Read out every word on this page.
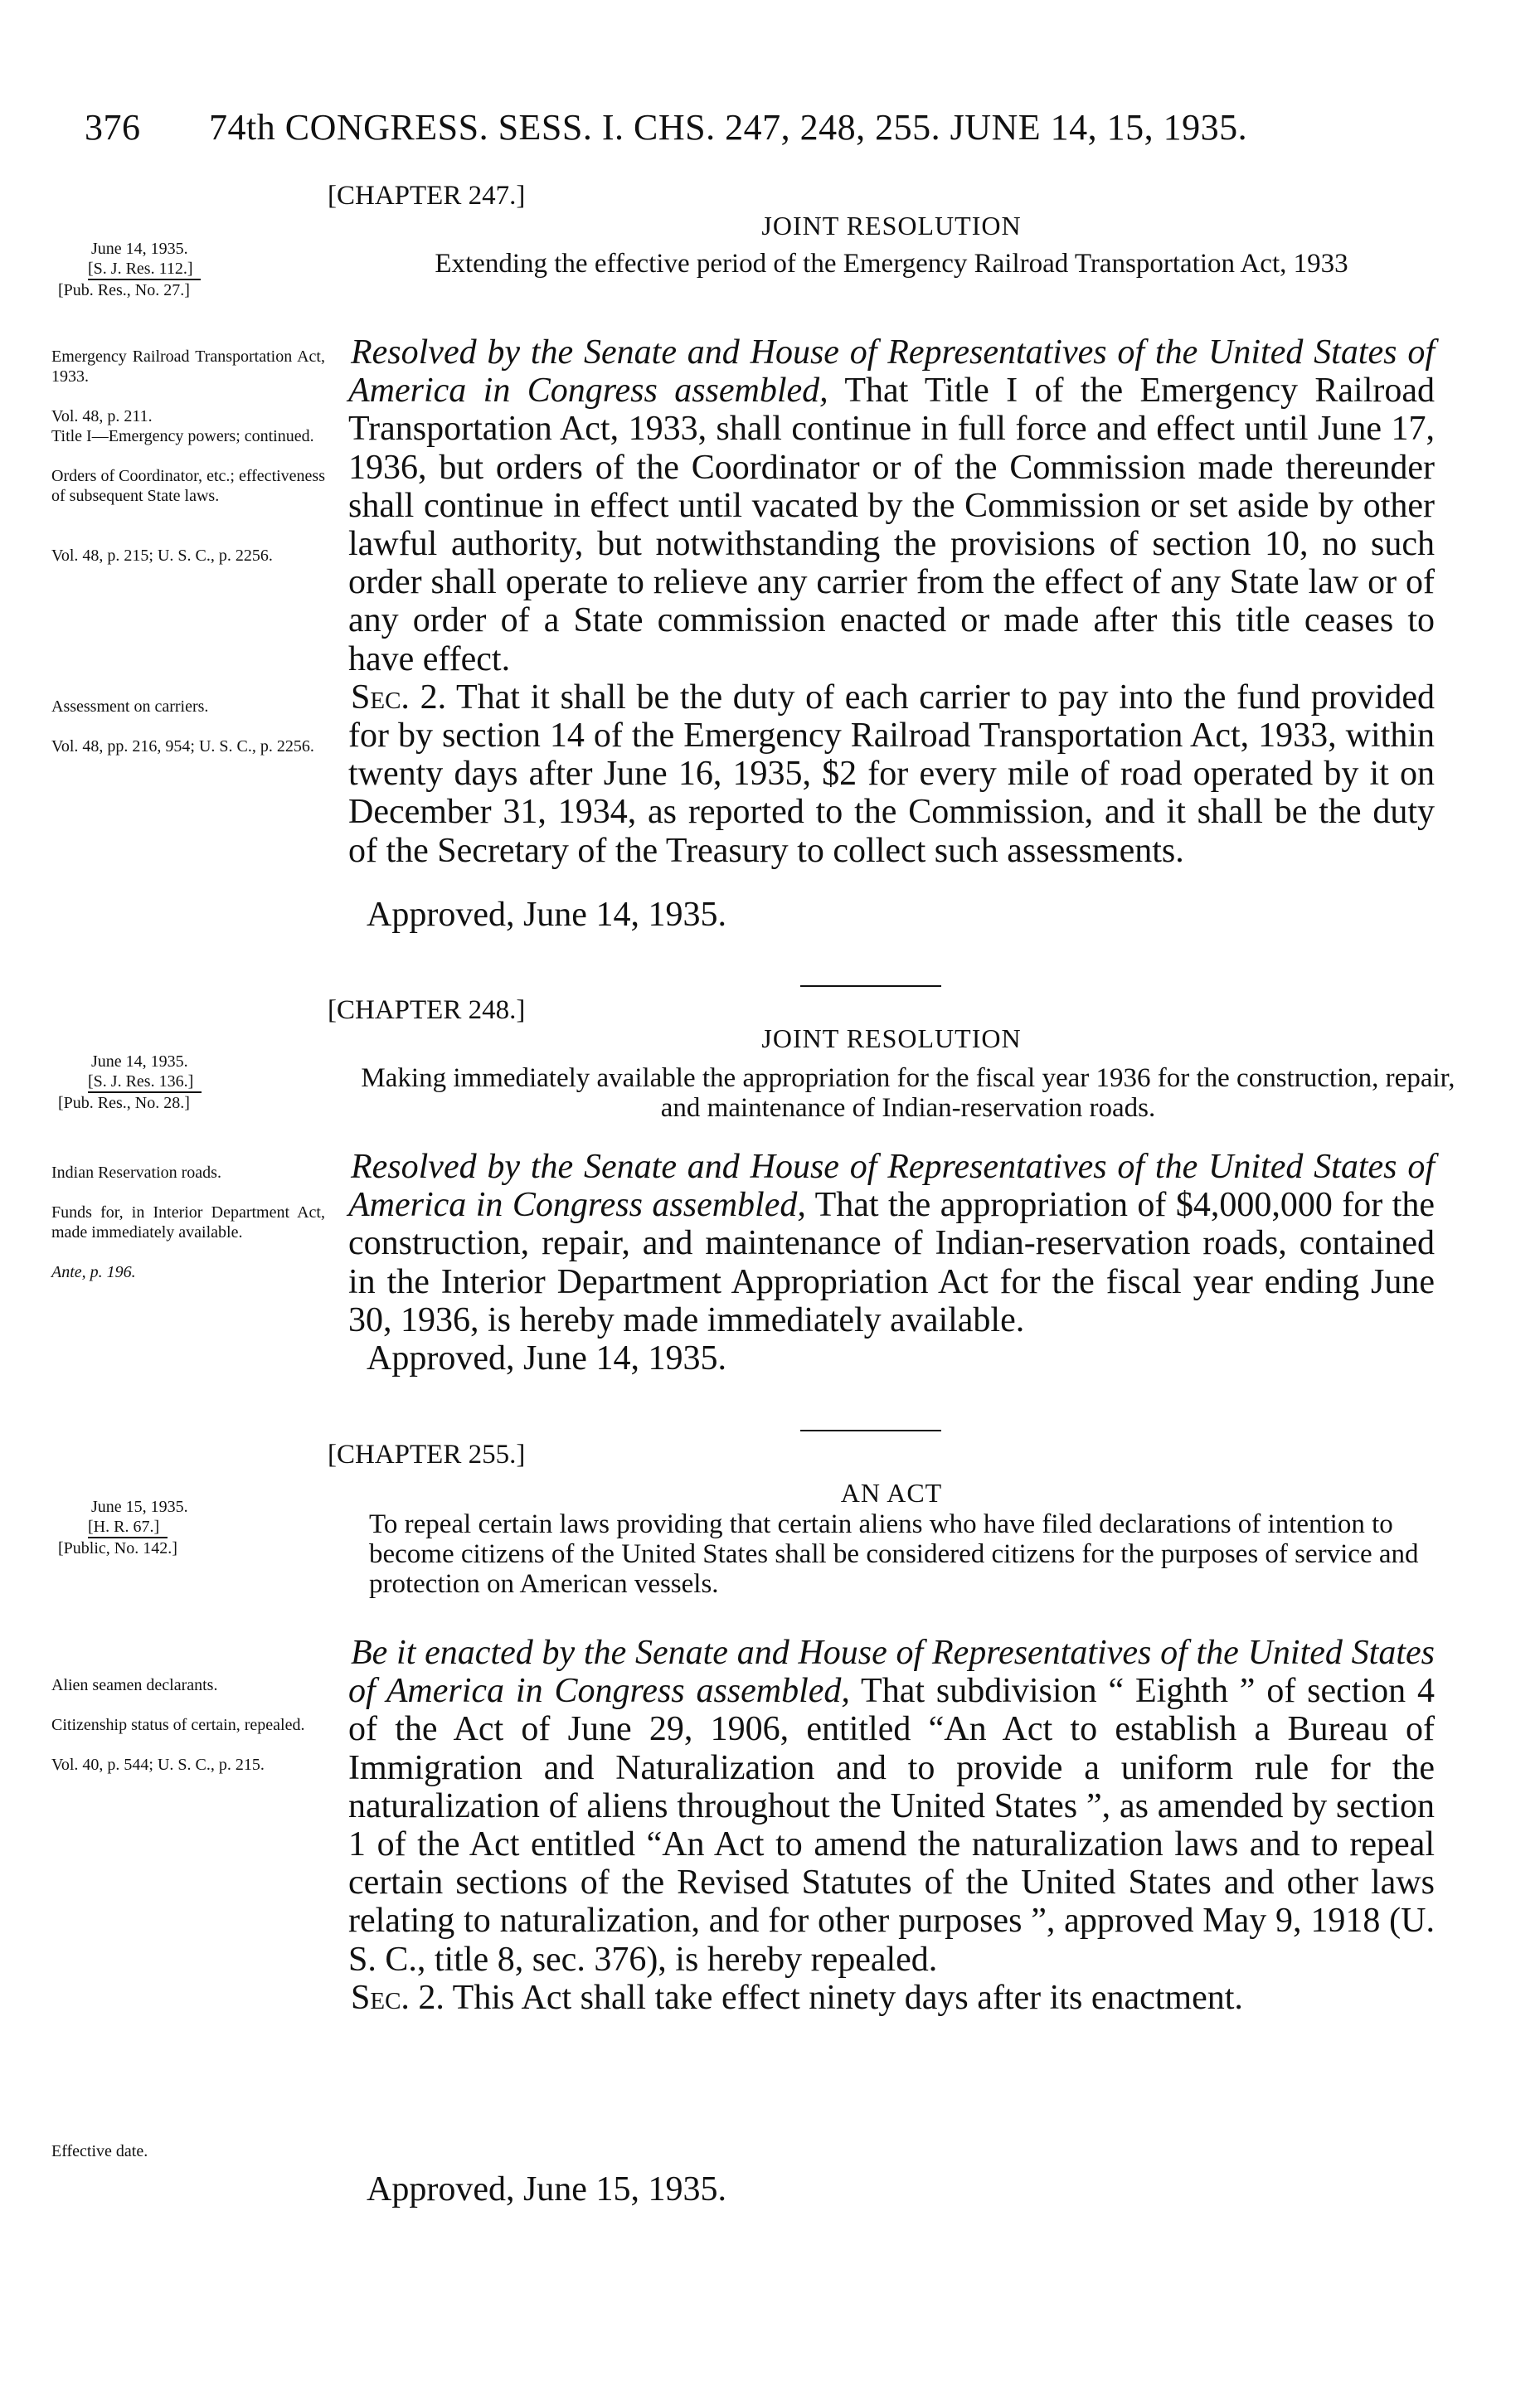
376 74th CONGRESS. SESS. I. CHS. 247, 248, 255. JUNE 14, 15, 1935.
[CHAPTER 247.]
JOINT RESOLUTION
Extending the effective period of the Emergency Railroad Transportation Act, 1933
June 14, 1935.
[S. J. Res. 112.]
[Pub. Res., No. 27.]
Emergency Railroad Transportation Act, 1933.
Vol. 48, p. 211.
Title I—Emergency powers; continued.
Orders of Coordinator, etc.; effectiveness of subsequent State laws.
Vol. 48, p. 215; U. S. C., p. 2256.
Assessment on carriers.
Vol. 48, pp. 216, 954; U. S. C., p. 2256.

Resolved by the Senate and House of Representatives of the United States of America in Congress assembled, That Title I of the Emergency Railroad Transportation Act, 1933, shall continue in full force and effect until June 17, 1936, but orders of the Coordinator or of the Commission made thereunder shall continue in effect until vacated by the Commission or set aside by other lawful authority, but notwithstanding the provisions of section 10, no such order shall operate to relieve any carrier from the effect of any State law or of any order of a State commission enacted or made after this title ceases to have effect.

Sec. 2. That it shall be the duty of each carrier to pay into the fund provided for by section 14 of the Emergency Railroad Transportation Act, 1933, within twenty days after June 16, 1935, $2 for every mile of road operated by it on December 31, 1934, as reported to the Commission, and it shall be the duty of the Secretary of the Treasury to collect such assessments.

Approved, June 14, 1935.
[CHAPTER 248.]
JOINT RESOLUTION
Making immediately available the appropriation for the fiscal year 1936 for the construction, repair, and maintenance of Indian-reservation roads.
June 14, 1935.
[S. J. Res. 136.]
[Pub. Res., No. 28.]
Indian Reservation roads.
Funds for, in Interior Department Act, made immediately available.
Ante, p. 196.

Resolved by the Senate and House of Representatives of the United States of America in Congress assembled, That the appropriation of $4,000,000 for the construction, repair, and maintenance of Indian-reservation roads, contained in the Interior Department Appropriation Act for the fiscal year ending June 30, 1936, is hereby made immediately available.

Approved, June 14, 1935.
[CHAPTER 255.]
AN ACT
To repeal certain laws providing that certain aliens who have filed declarations of intention to become citizens of the United States shall be considered citizens for the purposes of service and protection on American vessels.
June 15, 1935.
[H. R. 67.]
[Public, No. 142.]
Alien seamen declarants.
Citizenship status of certain, repealed.
Vol. 40, p. 544; U. S. C., p. 215.
Effective date.

Be it enacted by the Senate and House of Representatives of the United States of America in Congress assembled, That subdivision “ Eighth ” of section 4 of the Act of June 29, 1906, entitled “An Act to establish a Bureau of Immigration and Naturalization and to provide a uniform rule for the naturalization of aliens throughout the United States ”, as amended by section 1 of the Act entitled “An Act to amend the naturalization laws and to repeal certain sections of the Revised Statutes of the United States and other laws relating to naturalization, and for other purposes ”, approved May 9, 1918 (U. S. C., title 8, sec. 376), is hereby repealed.

Sec. 2. This Act shall take effect ninety days after its enactment.

Approved, June 15, 1935.
